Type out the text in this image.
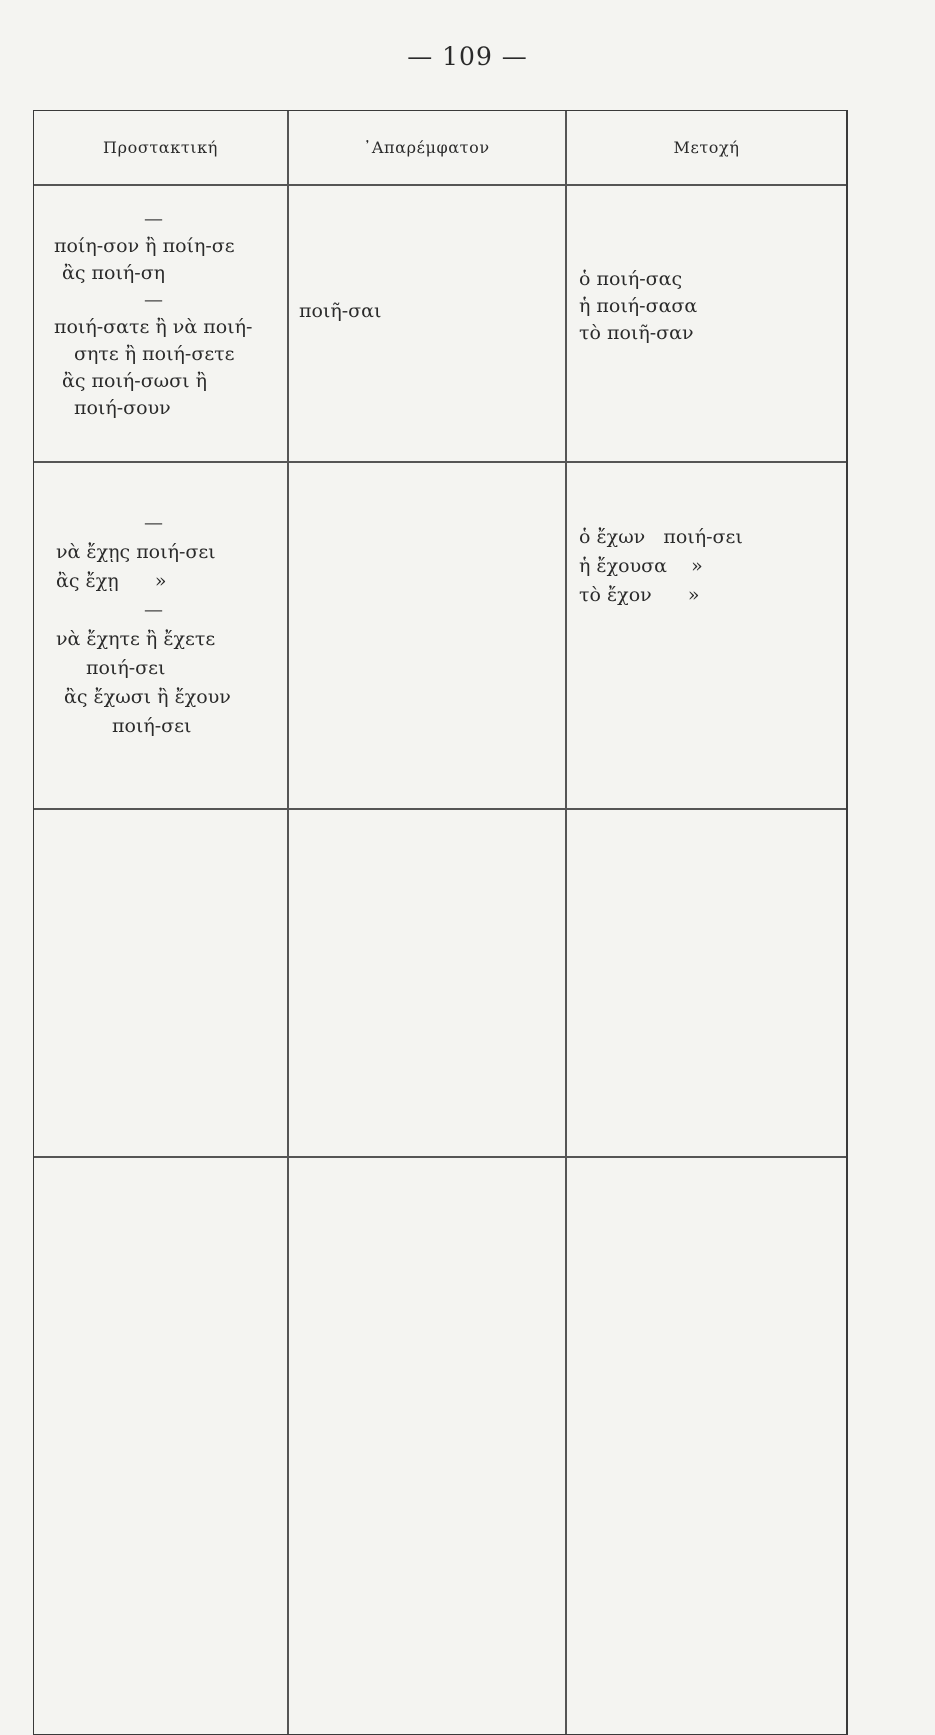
— 109 —
Προστακτική	᾿Απαρέμφατον	Μετοχή
—
ποίη-σον ἢ ποίη-σε
ἂς ποιή-ση
—
ποιή-σατε ἢ νὰ ποιή-
σητε ἢ ποιή-σετε
ἂς ποιή-σωσι ἢ
ποιή-σουν
ποιῆ-σαι
ὁ ποιή-σας
ἡ ποιή-σασα
τὸ ποιῆ-σαν
—
νὰ ἔχῃς ποιή-σει
ἂς ἔχῃ      »
—
νὰ ἔχητε ἢ ἔχετε
ποιή-σει
ἂς ἔχωσι ἢ ἔχουν
ποιή-σει
ὁ ἔχων   ποιή-σει
ἡ ἔχουσα    »
τὸ ἔχον      »
